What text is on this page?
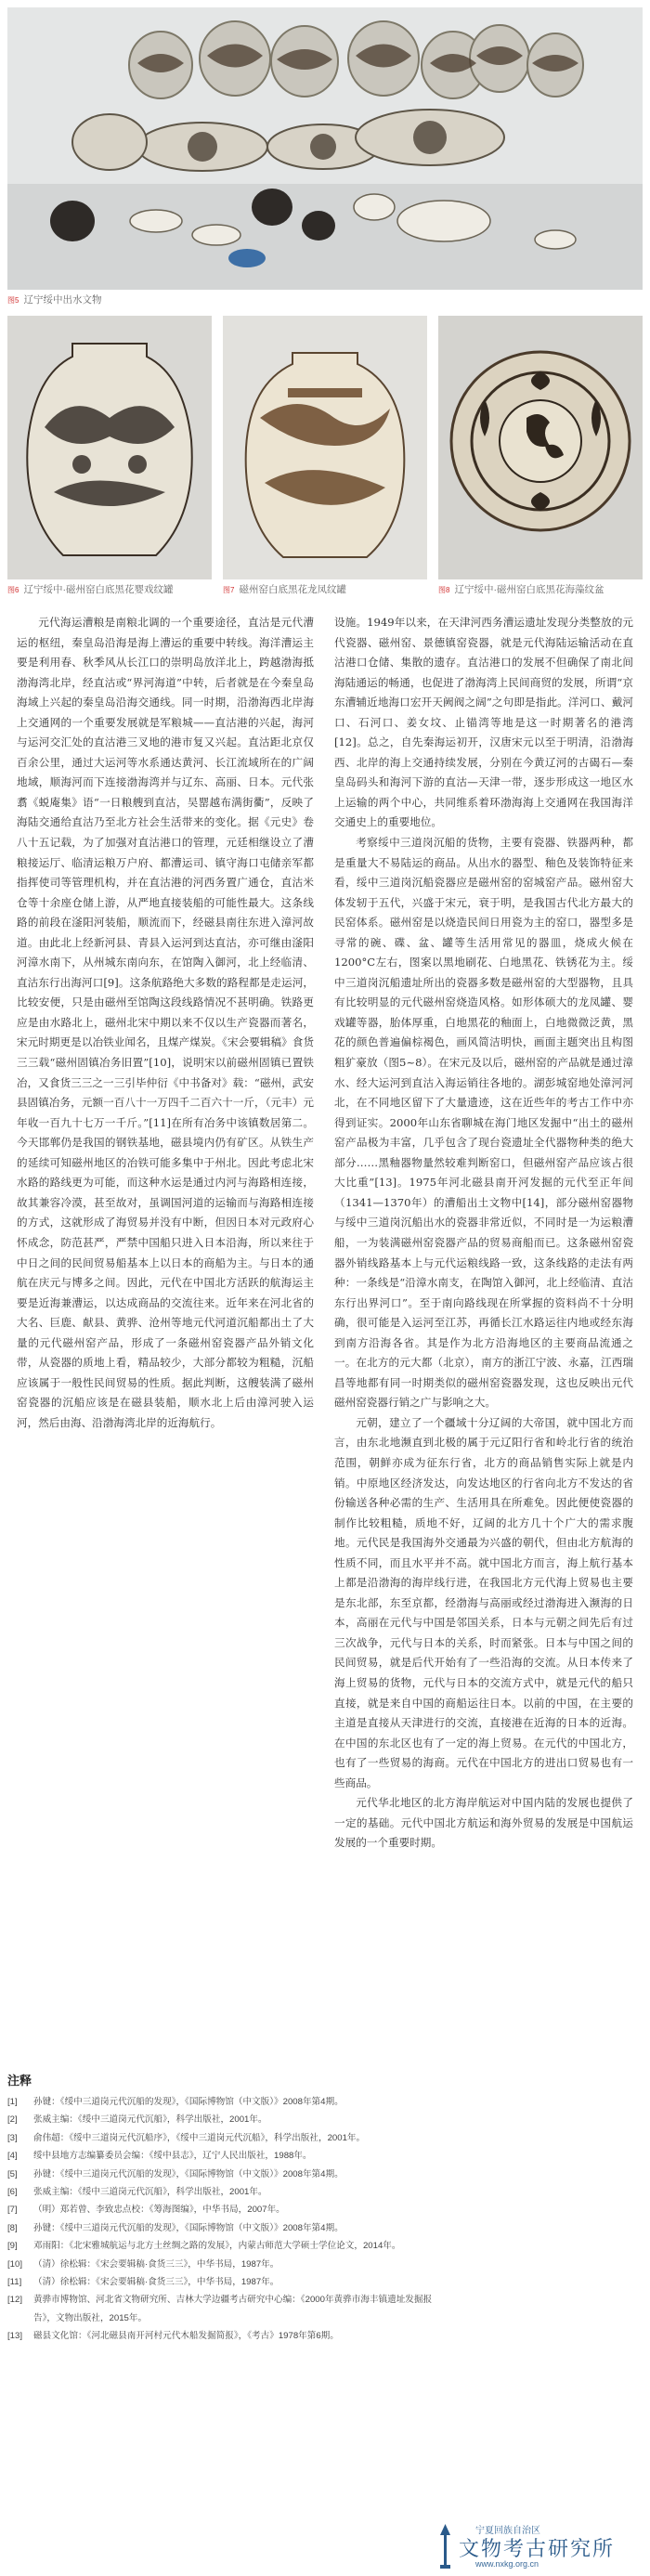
图5 辽宁绥中出水文物
图6 辽宁绥中·磁州窑白底黑花婴戏纹罐	图7 磁州窑白底黑花龙凤纹罐	图8 辽宁绥中·磁州窑白底黑花海藻纹盆

元代海运漕粮是南粮北调的一个重要途径，直沽是元代漕运的枢纽，秦皇岛沿海是海上漕运的重要中转线。海洋漕运主要是利用春、秋季风从长江口的崇明岛放洋北上，跨越渤海抵渤海湾北岸，经直沽或“界河海道”中转，后者就是在今秦皇岛海域上兴起的秦皇岛沿海交通线。同一时期，沿渤海西北岸海上交通网的一个重要发展就是军粮城——直沽港的兴起，海河与运河交汇处的直沽港三叉地的港市复又兴起。直沽距北京仅百余公里，通过大运河等水系通达黄河、长江流域所在的广阔地域，顺海河而下连接渤海湾并与辽东、高丽、日本。元代张翥《蜕庵集》语“一日粮艘到直沽，吴罂越布满街衢”，反映了海陆交通给直沽乃至北方社会生活带来的变化。据《元史》卷八十五记载，为了加强对直沽港口的管理，元廷相继设立了漕粮接运厅、临清运粮万户府、都漕运司、镇守海口屯储亲军都指挥使司等管理机构，并在直沽港的河西务置广通仓，直沽米仓等十余座仓储上游，从严地直接装船的可能性最大。这条线路的前段在滏阳河装船，顺流而下，经磁县南往东进入漳河故道。由此北上经新河县、青县入运河到达直沽，亦可继由滏阳河漳水南下，从州城东南向东，在馆陶入御河，北上经临清、直沽东行出海河口[9]。这条航路绝大多数的路程都是走运河，比较安便，只是由磁州至馆陶这段线路情况不甚明确。铁路更应是由水路北上，磁州北宋中期以来不仅以生产瓷器而著名，宋元时期更是以冶铁业闻名，且煤产煤炭。《宋会要辑稿》食货三三载“磁州固镇冶务旧置”[10]，说明宋以前磁州固镇已置铁冶，又食货三三之一三引毕仲衍《中书备对》载：“磁州，武安县固镇冶务，元额一百八十一万四千二百六十一斤，（元丰）元年收一百九十七万一千斤。”[11]在所有冶务中该镇数居第二。今天邯郸仍是我国的钢铁基地，磁县境内仍有矿区。从铁生产的延续可知磁州地区的冶铁可能多集中于州北。因此考虑北宋水路的路线更为可能，而这种水运是通过内河与海路相连接，故其兼容冷漠，甚至故对，虽调国河道的运输而与海路相连接的方式，这就形成了海贸易并没有中断，但因日本对元政府心怀成念，防范甚严，严禁中国船只进入日本沿海，所以来往于中日之间的民间贸易船基本上以日本的商船为主。与日本的通航在庆元与博多之间。因此，元代在中国北方活跃的航海运主要是近海兼漕运，以达成商品的交流往来。近年来在河北省的大名、巨鹿、献县、黄骅、沧州等地元代河道沉船都出土了大量的元代磁州窑产品，形成了一条磁州窑瓷器产品外销文化带，从瓷器的质地上看，精品较少，大部分都较为粗糙，沉船应该属于一般性民间贸易的性质。据此判断，这艘装满了磁州窑瓷器的沉船应该是在磁县装船，顺水北上后由漳河驶入运河，然后由海、沿渤海湾北岸的近海航行。

设施。1949年以来，在天津河西务漕运遗址发现分类整放的元代瓷器、磁州窑、景德镇窑瓷器，就是元代海陆运输活动在直沽港口仓储、集散的遗存。直沽港口的发展不但确保了南北间海陆通运的畅通，也促进了渤海湾上民间商贸的发展，所谓“京东漕辅近地海口宏开天阙阀之阔”之句即是指此。洋河口、戴河口、石河口、姜女坟、止锚湾等地是这一时期著名的港湾[12]。总之，自先秦海运初开，汉唐宋元以至于明清，沿渤海西、北岸的海上交通持续发展，分别在今黄辽河的古碣石—秦皇岛码头和海河下游的直沽—天津一带，逐步形成这一地区水上运输的两个中心，共同维系着环渤海海上交通网在我国海洋交通史上的重要地位。

考察绥中三道岗沉船的货物，主要有瓷器、铁器两种，都是重量大不易陆运的商品。从出水的器型、釉色及装饰特征来看，绥中三道岗沉船瓷器应是磁州窑的窑城窑产品。磁州窑大体发轫于五代，兴盛于宋元，衰于明，是我国古代北方最大的民窑体系。磁州窑是以烧造民间日用瓷为主的窑口，器型多是寻常的碗、碟、盆、罐等生活用常见的器皿，烧成火候在1200°C左右，图案以黑地刷花、白地黑花、铁锈花为主。绥中三道岗沉船遗址所出的瓷器多数是磁州窑的大型器物，且具有比较明显的元代磁州窑烧造风格。如形体硕大的龙凤罐、婴戏罐等器，胎体厚重，白地黑花的釉面上，白地微微泛黄，黑花的颜色普遍偏棕褐色，画风简洁明快，画面主题突出且构图粗犷豪放（图5~8）。在宋元及以后，磁州窑的产品就是通过漳水、经大运河到直沽入海运销往各地的。湖彭城窑地处漳河河北，在不同地区留下了大量遗迹，这在近些年的考古工作中亦得到证实。2000年山东省聊城在海门地区发掘中“出土的磁州窑产品极为丰富，几乎包含了现台瓷遗址全代器物种类的绝大部分……黑釉器物量然较难判断窑口，但磁州窑产品应该占很大比重”[13]。1975年河北磁县南开河发掘的元代至正年间（1341—1370年）的漕船出土文物中[14]，部分磁州窑器物与绥中三道岗沉船出水的瓷器非常近似，不同时是一为运粮漕船，一为装满磁州窑瓷器产品的贸易商船而已。这条磁州窑瓷器外销线路基本上与元代运粮线路一致，这条线路的走法有两种：一条线是“沿漳水南支，在陶馆入御河，北上经临清、直沽东行出界河口”。至于南向路线现在所掌握的资料尚不十分明确，很可能是入运河至江苏，再循长江水路运往内地或经东海到南方沿海各省。其是作为北方沿海地区的主要商品流通之一。在北方的元大都（北京），南方的浙江宁波、永嘉，江西瑞昌等地都有同一时期类似的磁州窑瓷器发现，这也反映出元代磁州窑瓷器行销之广与影响之大。

元朝，建立了一个疆域十分辽阔的大帝国，就中国北方而言，由东北地濒直到北极的属于元辽阳行省和岭北行省的统治范围，朝鲜亦成为征东行省，北方的商品销售实际上就是内销。中原地区经济发达，向发达地区的行省向北方不发达的省份输送各种必需的生产、生活用具在所难免。因此便使瓷器的制作比较粗糙，质地不好，辽阔的北方几十个广大的需求腹地。元代民是我国海外交通最为兴盛的朝代，但由北方航海的性质不同，而且水平并不高。就中国北方而言，海上航行基本上都是沿渤海的海岸线行进，在我国北方元代海上贸易也主要是东北部，东至京都，经渤海与高丽或经过渤海进入濒海的日本，高丽在元代与中国是邻国关系，日本与元朝之间先后有过三次战争，元代与日本的关系，时而紧张。日本与中国之间的民间贸易，就是后代开始有了一些沿海的交流。从日本传来了海上贸易的货物，元代与日本的交流方式中，就是元代的船只直接，就是来自中国的商船运往日本。以前的中国，在主要的主道是直接从天津进行的交流，直接港在近海的日本的近海。在中国的东北区也有了一定的海上贸易。在元代的中国北方，也有了一些贸易的海商。元代在中国北方的进出口贸易也有一些商品。

元代华北地区的北方海岸航运对中国内陆的发展也提供了一定的基础。元代中国北方航运和海外贸易的发展是中国航运发展的一个重要时期。

注释
[1]	孙键：《绥中三道岗元代沉船的发现》，《国际博物馆（中文版）》2008年第4期。
[2]	张威主编：《绥中三道岗元代沉船》，科学出版社，2001年。
[3]	俞伟超：《绥中三道岗元代沉船序》，《绥中三道岗元代沉船》，科学出版社，2001年。
[4]	绥中县地方志编纂委员会编：《绥中县志》，辽宁人民出版社，1988年。
[5]	孙键：《绥中三道岗元代沉船的发现》，《国际博物馆（中文版）》2008年第4期。
[6]	张威主编：《绥中三道岗元代沉船》，科学出版社，2001年。
[7]	（明）郑若曾、李致忠点校：《筹海图编》，中华书局，2007年。
[8]	孙键：《绥中三道岗元代沉船的发现》，《国际博物馆（中文版）》2008年第4期。
[9]	邓雨阳：《北宋雅城航运与北方土丝绸之路的发展》，内蒙古师范大学硕士学位论文，2014年。
[10]	（清）徐松辑：《宋会要辑稿·食货三三》，中华书局，1987年。
[11]	（清）徐松辑：《宋会要辑稿·食货三三》，中华书局，1987年。
[12]	黄骅市博物馆、河北省文物研究所、吉林大学边疆考古研究中心编：《2000年黄骅市海丰镇遗址发掘报告》，文物出版社，2015年。
[13]	磁县文化馆：《河北磁县南开河村元代木船发掘简报》，《考古》1978年第6期。
宁夏回族自治区
文物考古研究所
www.nxkg.org.cn
